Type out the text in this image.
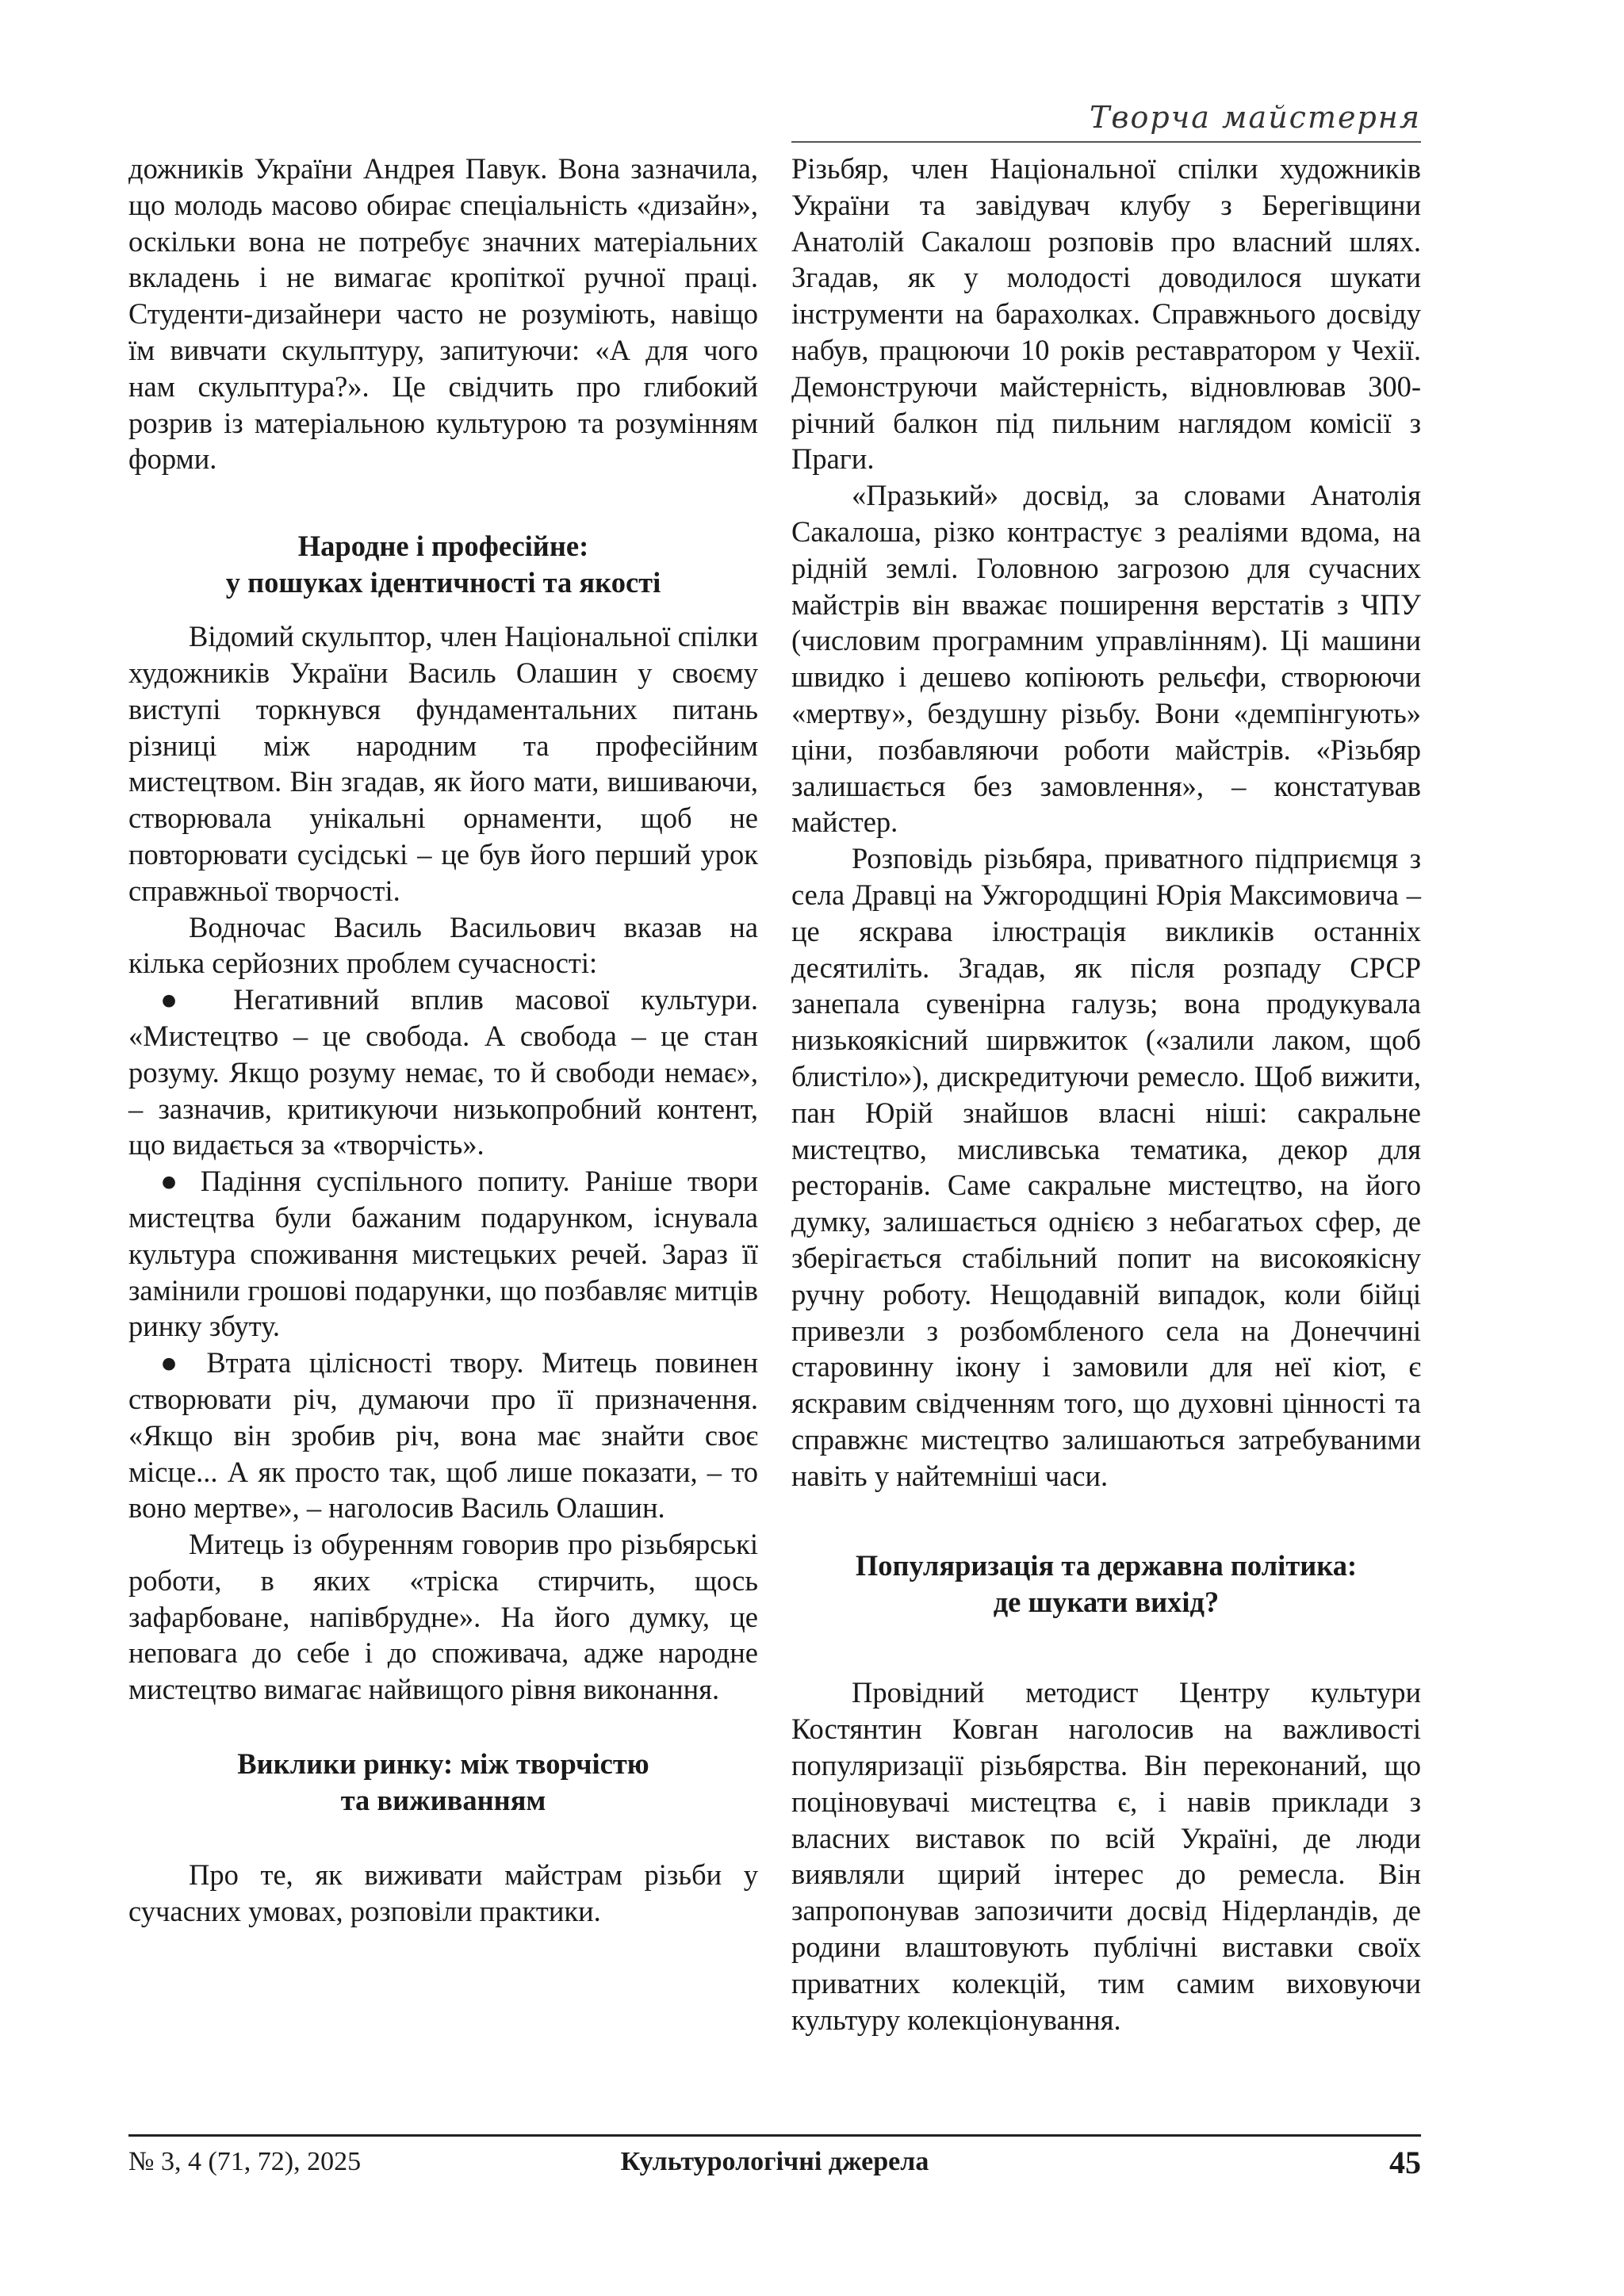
Творча майстерня

дожників України Андрея Павук. Вона зазначила, що молодь масово обирає спеціальність «дизайн», оскільки вона не потребує значних матеріальних вкладень і не вимагає кропіткої ручної праці. Студенти-дизайнери часто не розуміють, навіщо їм вивчати скульптуру, запитуючи: «А для чого нам скульптура?». Це свідчить про глибокий розрив із матеріальною культурою та розумінням форми.

Народне і професійне:

у пошуках ідентичності та якості

Відомий скульптор, член Національної спілки художників України Василь Олашин у своєму виступі торкнувся фундаментальних питань різниці між народним та професійним мистецтвом. Він згадав, як його мати, вишиваючи, створювала унікальні орнаменти, щоб не повторювати сусідські – це був його перший урок справжньої творчості.

Водночас Василь Васильович вказав на кілька серйозних проблем сучасності:

● Негативний вплив масової культури. «Мистецтво – це свобода. А свобода – це стан розуму. Якщо розуму немає, то й свободи немає», – зазначив, критикуючи низькопробний контент, що видається за «творчість».

● Падіння суспільного попиту. Раніше твори мистецтва були бажаним подарунком, існувала культура споживання мистецьких речей. Зараз її замінили грошові подарунки, що позбавляє митців ринку збуту.

● Втрата цілісності твору. Митець повинен створювати річ, думаючи про її призначення. «Якщо він зробив річ, вона має знайти своє місце... А як просто так, щоб лише показати, – то воно мертве», – наголосив Василь Олашин.

Митець із обуренням говорив про різьбярські роботи, в яких «тріска стирчить, щось зафарбоване, напівбрудне». На його думку, це неповага до себе і до споживача, адже народне мистецтво вимагає найвищого рівня виконання.

Виклики ринку: між творчістю

та виживанням

Про те, як виживати майстрам різьби у сучасних умовах, розповіли практики.

Різьбяр, член Національної спілки художників України та завідувач клубу з Берегівщини Анатолій Сакалош розповів про власний шлях. Згадав, як у молодості доводилося шукати інструменти на барахолках. Справжнього досвіду набув, працюючи 10 років реставратором у Чехії. Демонструючи майстерність, відновлював 300-річний балкон під пильним наглядом комісії з Праги.

«Празький» досвід, за словами Анатолія Сакалоша, різко контрастує з реаліями вдома, на рідній землі. Головною загрозою для сучасних майстрів він вважає поширення верстатів з ЧПУ (числовим програмним управлінням). Ці машини швидко і дешево копіюють рельєфи, створюючи «мертву», бездушну різьбу. Вони «демпінгують» ціни, позбавляючи роботи майстрів. «Різьбяр залишається без замовлення», – констатував майстер.

Розповідь різьбяра, приватного підприємця з села Дравці на Ужгородщині Юрія Максимовича – це яскрава ілюстрація викликів останніх десятиліть. Згадав, як після розпаду СРСР занепала сувенірна галузь; вона продукувала низькоякісний ширвжиток («залили лаком, щоб блистіло»), дискредитуючи ремесло. Щоб вижити, пан Юрій знайшов власні ніші: сакральне мистецтво, мисливська тематика, декор для ресторанів. Саме сакральне мистецтво, на його думку, залишається однією з небагатьох сфер, де зберігається стабільний попит на високоякісну ручну роботу. Нещодавній випадок, коли бійці привезли з розбомбленого села на Донеччині старовинну ікону і замовили для неї кіот, є яскравим свідченням того, що духовні цінності та справжнє мистецтво залишаються затребуваними навіть у найтемніші часи.

Популяризація та державна політика:

де шукати вихід?

Провідний методист Центру культури Костянтин Ковган наголосив на важливості популяризації різьбярства. Він переконаний, що поціновувачі мистецтва є, і навів приклади з власних виставок по всій Україні, де люди виявляли щирий інтерес до ремесла. Він запропонував запозичити досвід Нідерландів, де родини влаштовують публічні виставки своїх приватних колекцій, тим самим виховуючи культуру колекціонування.

№ 3, 4 (71, 72), 2025	Культурологічні джерела	45
